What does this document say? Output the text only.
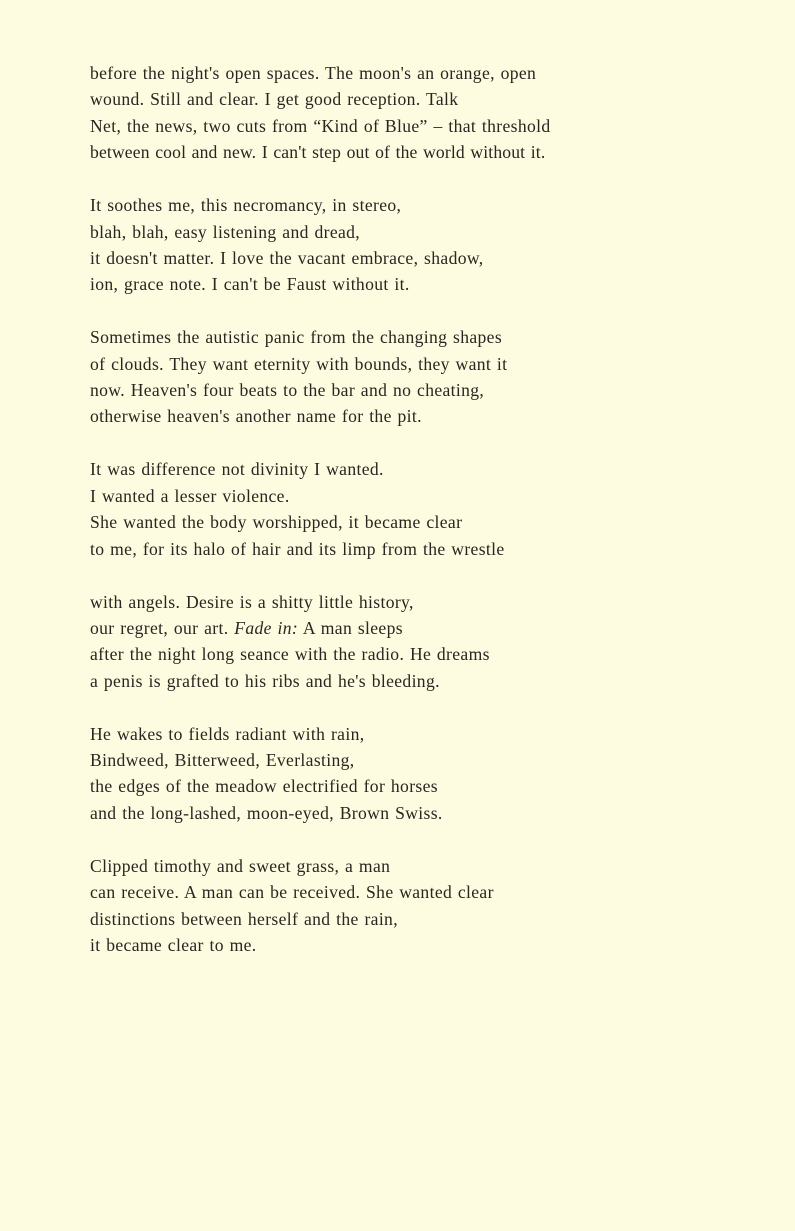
before the night's open spaces. The moon's an orange, open
wound. Still and clear. I get good reception. Talk
Net, the news, two cuts from “Kind of Blue” – that threshold
between cool and new. I can't step out of the world without it.
It soothes me, this necromancy, in stereo,
blah, blah, easy listening and dread,
it doesn't matter. I love the vacant embrace, shadow,
ion, grace note. I can't be Faust without it.
Sometimes the autistic panic from the changing shapes
of clouds. They want eternity with bounds, they want it
now. Heaven's four beats to the bar and no cheating,
otherwise heaven's another name for the pit.
It was difference not divinity I wanted.
I wanted a lesser violence.
She wanted the body worshipped, it became clear
to me, for its halo of hair and its limp from the wrestle
with angels. Desire is a shitty little history,
our regret, our art. Fade in: A man sleeps
after the night long seance with the radio. He dreams
a penis is grafted to his ribs and he's bleeding.
He wakes to fields radiant with rain,
Bindweed, Bitterweed, Everlasting,
the edges of the meadow electrified for horses
and the long-lashed, moon-eyed, Brown Swiss.
Clipped timothy and sweet grass, a man
can receive. A man can be received. She wanted clear
distinctions between herself and the rain,
it became clear to me.
